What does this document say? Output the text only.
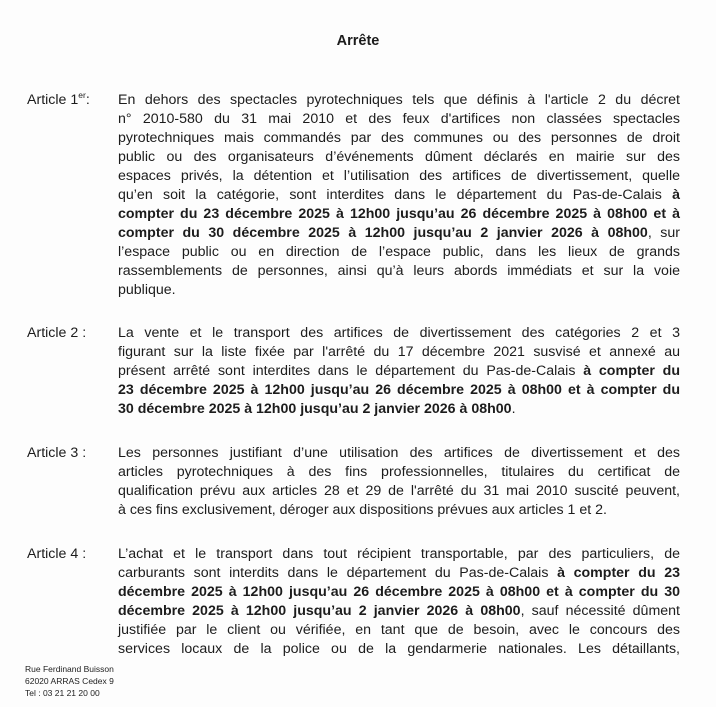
Arrête
Article 1er: En dehors des spectacles pyrotechniques tels que définis à l'article 2 du décret
n° 2010-580 du 31 mai 2010 et des feux d'artifices non classées spectacles
pyrotechniques mais commandés par des communes ou des personnes de droit
public ou des organisateurs d’événements dûment déclarés en mairie sur des
espaces privés, la détention et l’utilisation des artifices de divertissement, quelle
qu’en soit la catégorie, sont interdites dans le département du Pas-de-Calais à
compter du 23 décembre 2025 à 12h00 jusqu’au 26 décembre 2025 à 08h00 et à
compter du 30 décembre 2025 à 12h00 jusqu’au 2 janvier 2026 à 08h00, sur
l’espace public ou en direction de l’espace public, dans les lieux de grands
rassemblements de personnes, ainsi qu’à leurs abords immédiats et sur la voie
publique.
Article 2 : La vente et le transport des artifices de divertissement des catégories 2 et 3
figurant sur la liste fixée par l'arrêté du 17 décembre 2021 susvisé et annexé au
présent arrêté sont interdites dans le département du Pas-de-Calais à compter du
23 décembre 2025 à 12h00 jusqu’au 26 décembre 2025 à 08h00 et à compter du
30 décembre 2025 à 12h00 jusqu’au 2 janvier 2026 à 08h00.
Article 3 : Les personnes justifiant d’une utilisation des artifices de divertissement et des
articles pyrotechniques à des fins professionnelles, titulaires du certificat de
qualification prévu aux articles 28 et 29 de l'arrêté du 31 mai 2010 suscité peuvent,
à ces fins exclusivement, déroger aux dispositions prévues aux articles 1 et 2.
Article 4 : L’achat et le transport dans tout récipient transportable, par des particuliers, de
carburants sont interdits dans le département du Pas-de-Calais à compter du 23
décembre 2025 à 12h00 jusqu’au 26 décembre 2025 à 08h00 et à compter du 30
décembre 2025 à 12h00 jusqu’au 2 janvier 2026 à 08h00, sauf nécessité dûment
justifiée par le client ou vérifiée, en tant que de besoin, avec le concours des
services locaux de la police ou de la gendarmerie nationales. Les détaillants,
Rue Ferdinand Buisson
62020 ARRAS Cedex 9
Tel : 03 21 21 20 00
